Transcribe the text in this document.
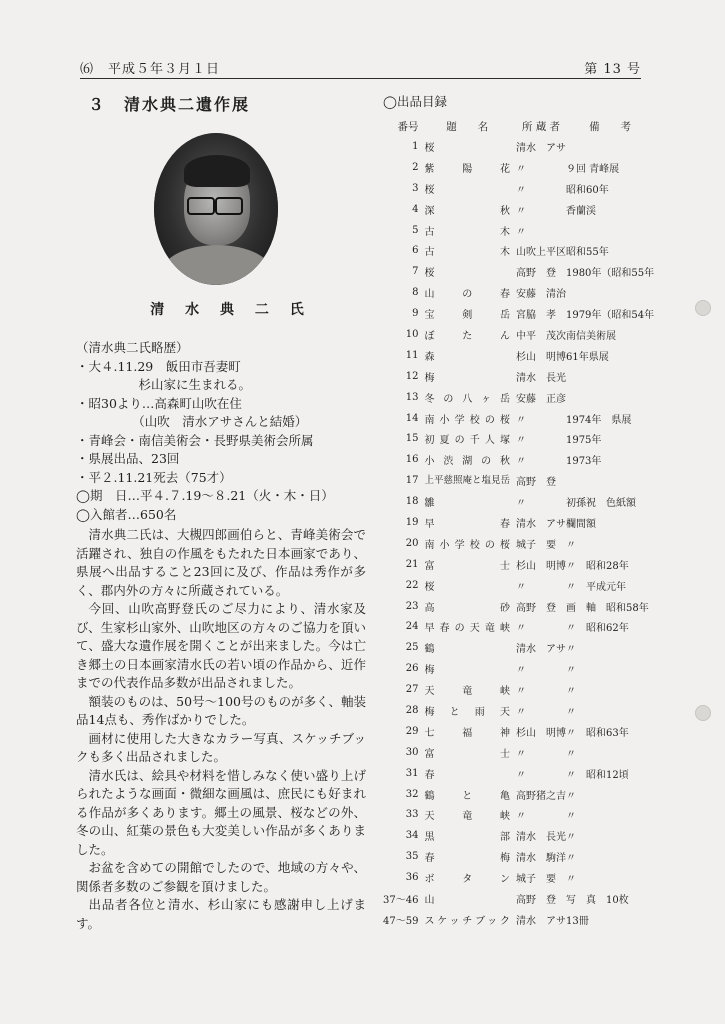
⑹　平成５年３月１日	第 13 号
３　清水典二遺作展
清 水 典 二 氏
（清水典二氏略歴）
・大４.11.29　飯田市吾妻町
　　　　　杉山家に生まれる。
・昭30より…高森町山吹在住
　　　　　（山吹　清水アサさんと結婚）
・青峰会・南信美術会・長野県美術会所属
・県展出品、23回
・平２.11.21死去（75才）
◯期　日…平４.７.19〜８.21（火・木・日）
◯入館者…650名

清水典二氏は、大槻四郎画伯らと、青峰美術会で活躍され、独自の作風をもたれた日本画家であり、県展へ出品すること23回に及び、作品は秀作が多く、郡内外の方々に所蔵されている。

今回、山吹高野登氏のご尽力により、清水家及び、生家杉山家外、山吹地区の方々のご協力を頂いて、盛大な遺作展を開くことが出来ました。今は亡き郷土の日本画家清水氏の若い頃の作品から、近作までの代表作品多数が出品されました。

額装のものは、50号〜100号のものが多く、軸装品14点も、秀作ばかりでした。

画材に使用した大きなカラー写真、スケッチブックも多く出品されました。

清水氏は、絵具や材料を惜しみなく使い盛り上げられたような画面・微細な画風は、庶民にも好まれる作品が多くあります。郷土の風景、桜などの外、冬の山、紅葉の景色も大変美しい作品が多くありました。

お盆を含めての開館でしたので、地域の方々や、関係者多数のご参観を頂けました。

出品者各位と清水、杉山家にも感謝申し上げます。

◯出品目録
番号	題　　名	所 蔵 者	備　　考
1	桜	清水　アサ	
2	紫陽花	〃	９回 青峰展
3	桜	〃	昭和60年
4	深秋	〃	香蘭渓
5	古木	〃	
6	古木	山吹上平区	昭和55年
7	桜	高野　登	1980年（昭和55年
8	山の春	安藤　清治	
9	宝剣岳	宮脇　孝	1979年（昭和54年
10	ぼたん	中平　茂次	南信美術展
11	森	杉山　明博	61年県展
12	梅	清水　長光	
13	冬の八ヶ岳	安藤　正彦	
14	南小学校の桜	〃	1974年　県展
15	初夏の千人塚	〃	1975年
16	小渋湖の秋	〃	1973年
17	上平慈照庵と塩見岳	高野　登	
18	雛	〃	初孫祝　色紙額
19	早春	清水　アサ	欄間額
20	南小学校の桜	城子　要	〃
21	富士	杉山　明博	〃　昭和28年
22	桜	〃	〃　平成元年
23	高砂	高野　登	画　軸　昭和58年
24	早春の天竜峡	〃	〃　昭和62年
25	鶴	清水　アサ	〃
26	梅	〃	〃
27	天竜峡	〃	〃
28	梅と雨天	〃	〃
29	七福神	杉山　明博	〃　昭和63年
30	富士	〃	〃
31	春	〃	〃　昭和12頃
32	鶴と亀	高野猪之吉	〃
33	天竜峡	〃	〃
34	黒部	清水　長光	〃
35	春梅	清水　駒洋	〃
36	ボタン	城子　要	〃
37〜46	山	高野　登	写　真　10枚
47〜59	スケッチブック	清水　アサ	13冊
